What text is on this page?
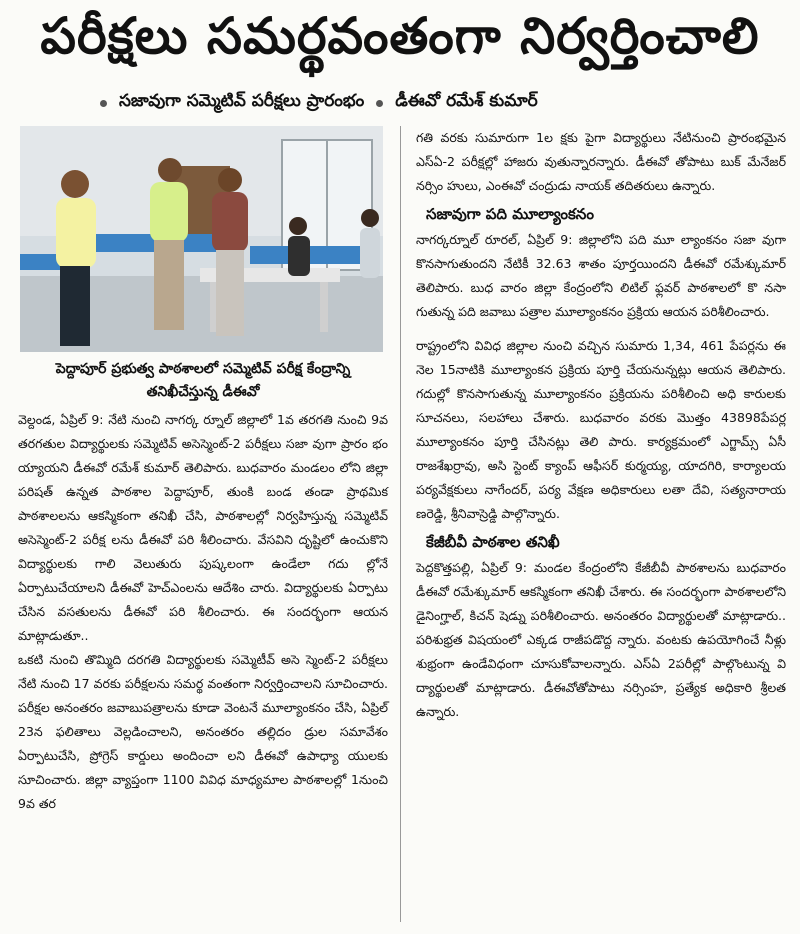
పరీక్షలు సమర్థవంతంగా నిర్వర్తించాలి
సజావుగా సమ్మెటివ్ పరీక్షలు ప్రారంభం డీఈవో రమేశ్ కుమార్
పెద్దాపూర్ ప్రభుత్వ పాఠశాలలో సమ్మెటివ్ పరీక్ష కేంద్రాన్ని తనిఖీచేస్తున్న డీఈవో

వెల్దండ, ఏప్రిల్ 9: నేటి నుంచి నాగర్క ర్నూల్ జిల్లాలో 1వ తరగతి నుంచి 9వ తరగతుల విద్యార్థులకు సమ్మెటివ్ అసెస్మెంట్-2 పరీక్షలు సజా వుగా ప్రారం భం య్యాయని డీఈవో రమేశ్ కుమార్ తెలిపారు. బుధవారం మండలం లోని జిల్లా పరిషత్ ఉన్నత పాఠశాల పెద్దాపూర్, తుంకి బండ తండా ప్రాథమిక పాఠశాలలను ఆకస్మికంగా తనిఖీ చేసి, పాఠశాలల్లో నిర్వహిస్తున్న సమ్మెటివ్ అసెస్మెంట్-2 పరీక్ష లను డీఈవో పరి శీలించారు. వేసవిని దృష్టిలో ఉంచుకొని విద్యార్థులకు గాలి వెలుతురు పుష్కలంగా ఉండేలా గదు ల్లోనే ఏర్పాటుచేయాలని డీఈవో హెచ్ఎంలను ఆదేశిం చారు. విద్యార్థులకు ఏర్పాటు చేసిన వసతులను డీఈవో పరి శీలించారు. ఈ సందర్భంగా ఆయన మాట్లాడుతూ..

ఒకటి నుంచి తొమ్మిది దరగతి విద్యార్థులకు సమ్మెటీవ్ అసె స్మెంట్-2 పరీక్షలు నేటి నుంచి 17 వరకు పరీక్షలను సమర్థ వంతంగా నిర్వర్తించాలని సూచించారు. పరీక్షల అనంతరం జవాబుపత్రాలను కూడా వెంటనే మూల్యాంకనం చేసి, ఏప్రిల్ 23న ఫలితాలు వెల్లడించాలని, అనంతరం తల్లిదం డ్రుల సమావేశం ఏర్పాటుచేసి, ప్రోగ్రెస్ కార్డులు అందించా లని డీఈవో ఉపాధ్యా యులకు సూచించారు. జిల్లా వ్యాప్తంగా 1100 వివిధ మాధ్యమాల పాఠశాలల్లో 1నుంచి 9వ తర

గతి వరకు సుమారుగా 1ల క్షకు పైగా విద్యార్థులు నేటినుంచి ప్రారంభమైన ఎస్ఏ-2 పరీక్షల్లో హాజరు వుతున్నారన్నారు. డీఈవో తోపాటు బుక్ మేనేజర్ నర్సిం హులు, ఎంఈవో చంద్రుడు నాయక్ తదితరులు ఉన్నారు.

సజావుగా పది మూల్యాంకనం

నాగర్కర్నూల్ రూరల్, ఏప్రిల్ 9: జిల్లాలోని పది మూ ల్యాంకనం సజా వుగా కొనసాగుతుందని నేటికీ 32.63 శాతం పూర్తయిందని డీఈవో రమేశ్కుమార్ తెలిపారు. బుధ వారం జిల్లా కేంద్రంలోని లిటిల్ ఫ్లవర్ పాఠశాలలో కొ నసా గుతున్న పది జవాబు పత్రాల మూల్యాంకనం ప్రక్రియ ఆయన పరిశీలించారు.

రాష్ట్రంలోని వివిధ జిల్లాల నుంచి వచ్చిన సుమారు 1,34, 461 పేపర్లను ఈ నెల 15నాటికి మూల్యాంకన ప్రక్రియ పూర్తి చేయనున్నట్లు ఆయన తెలిపారు. గదుల్లో కొనసాగుతున్న మూల్యాంకనం ప్రక్రియను పరిశీలించి అధి కారులకు సూచనలు, సలహాలు చేశారు. బుధవారం వరకు మొత్తం 43898పేపర్ల మూల్యాంకనం పూర్తి చేసినట్లు తెలి పారు. కార్యక్రమంలో ఎగ్జామ్స్ ఏసీ రాజశేఖర్రావు, అసి స్టెంట్ క్యాంప్ ఆఫీసర్ కుర్మయ్య, యాదగిరి, కార్యాలయ పర్యవేక్షకులు నాగేందర్, పర్య వేక్షణ అధికారులు లతా దేవి, సత్యనారాయ ణరెడ్డి, శ్రీనివాస్రెడ్డి పాల్గొన్నారు.

కేజీబీవీ పాఠశాల తనిఖీ

పెద్దకొత్తపల్లి, ఏప్రిల్ 9: మండల కేంద్రంలోని కేజీబీవీ పాఠశాలను బుధవారం డీఈవో రమేశ్కుమార్ ఆకస్మికంగా తనిఖీ చేశారు. ఈ సందర్భంగా పాఠశాలలోని డైనింగ్హాల్, కిచన్ షెడ్ను పరిశీలించారు. అనంతరం విద్యార్థులతో మాట్లాడారు.. పరిశుభ్రత విషయంలో ఎక్కడ రాజీపడొద్ద న్నారు. వంటకు ఉపయోగించే నీళ్లు శుభ్రంగా ఉండేవిధంగా చూసుకోవాలన్నారు. ఎస్ఏ 2పరీల్లో పాల్గొంటున్న వి ద్యార్థులతో మాట్లాడారు. డీఈవోతోపాటు నర్సింహ, ప్రత్యేక అధికారి శ్రీలత ఉన్నారు.
